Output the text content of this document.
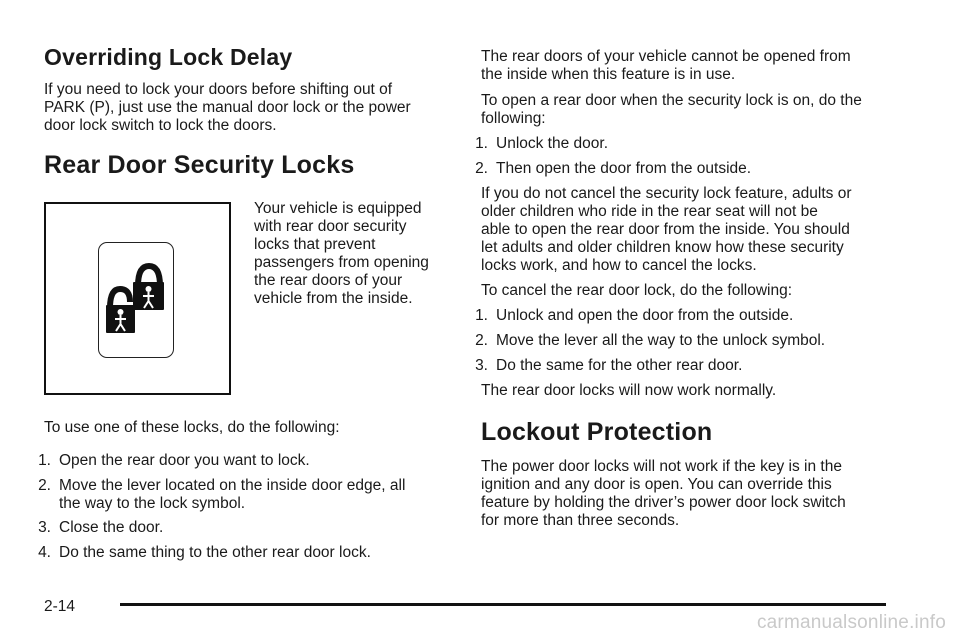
Overriding Lock Delay

If you need to lock your doors before shifting out of

PARK (P), just use the manual door lock or the power

door lock switch to lock the doors.

Rear Door Security Locks

Your vehicle is equipped

with rear door security

locks that prevent

passengers from opening

the rear doors of your

vehicle from the inside.

To use one of these locks, do the following:

1. Open the rear door you want to lock.
2. Move the lever located on the inside door edge, all
the way to the lock symbol.
3. Close the door.
4. Do the same thing to the other rear door lock.

The rear doors of your vehicle cannot be opened from

the inside when this feature is in use.

To open a rear door when the security lock is on, do the

following:

1. Unlock the door.
2. Then open the door from the outside.

If you do not cancel the security lock feature, adults or

older children who ride in the rear seat will not be

able to open the rear door from the inside. You should

let adults and older children know how these security

locks work, and how to cancel the locks.

To cancel the rear door lock, do the following:

1. Unlock and open the door from the outside.
2. Move the lever all the way to the unlock symbol.
3. Do the same for the other rear door.

The rear door locks will now work normally.

Lockout Protection

The power door locks will not work if the key is in the

ignition and any door is open. You can override this

feature by holding the driver’s power door lock switch

for more than three seconds.

2-14
carmanualsonline.info
